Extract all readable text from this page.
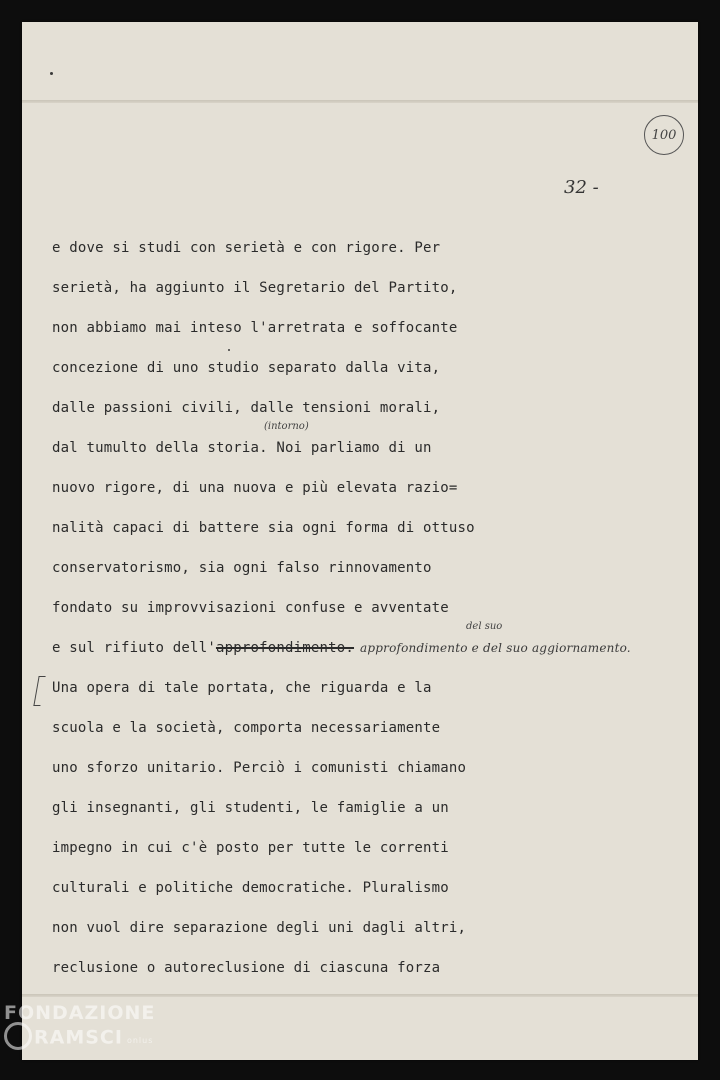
100
32 -
e dove si studi con serietà e con rigore. Per
serietà, ha aggiunto il Segretario del Partito,
non abbiamo mai inteso l'arretrata e soffocante
concezione di uno studio separato dalla vita,
dalle passioni civili, dalle tensioni morali,
(intorno)
dal tumulto della storia. Noi parliamo di un
nuovo rigore, di una nuova e più elevata razio=
nalità capaci di battere sia ogni forma di ottuso
conservatorismo, sia ogni falso rinnovamento
fondato su improvvisazioni confuse e avventate
del suo
e sul rifiuto dell'approfondimento. approfondimento e del suo aggiornamento.
Una opera di tale portata, che riguarda e la
scuola e la società, comporta necessariamente
uno sforzo unitario. Perciò i comunisti chiamano
gli insegnanti, gli studenti, le famiglie a un
impegno in cui c'è posto per tutte le correnti
culturali e politiche democratiche. Pluralismo
non vuol dire separazione degli uni dagli altri,
reclusione o autoreclusione di ciascuna forza
FONDAZIONE
RAMSCI onlus
